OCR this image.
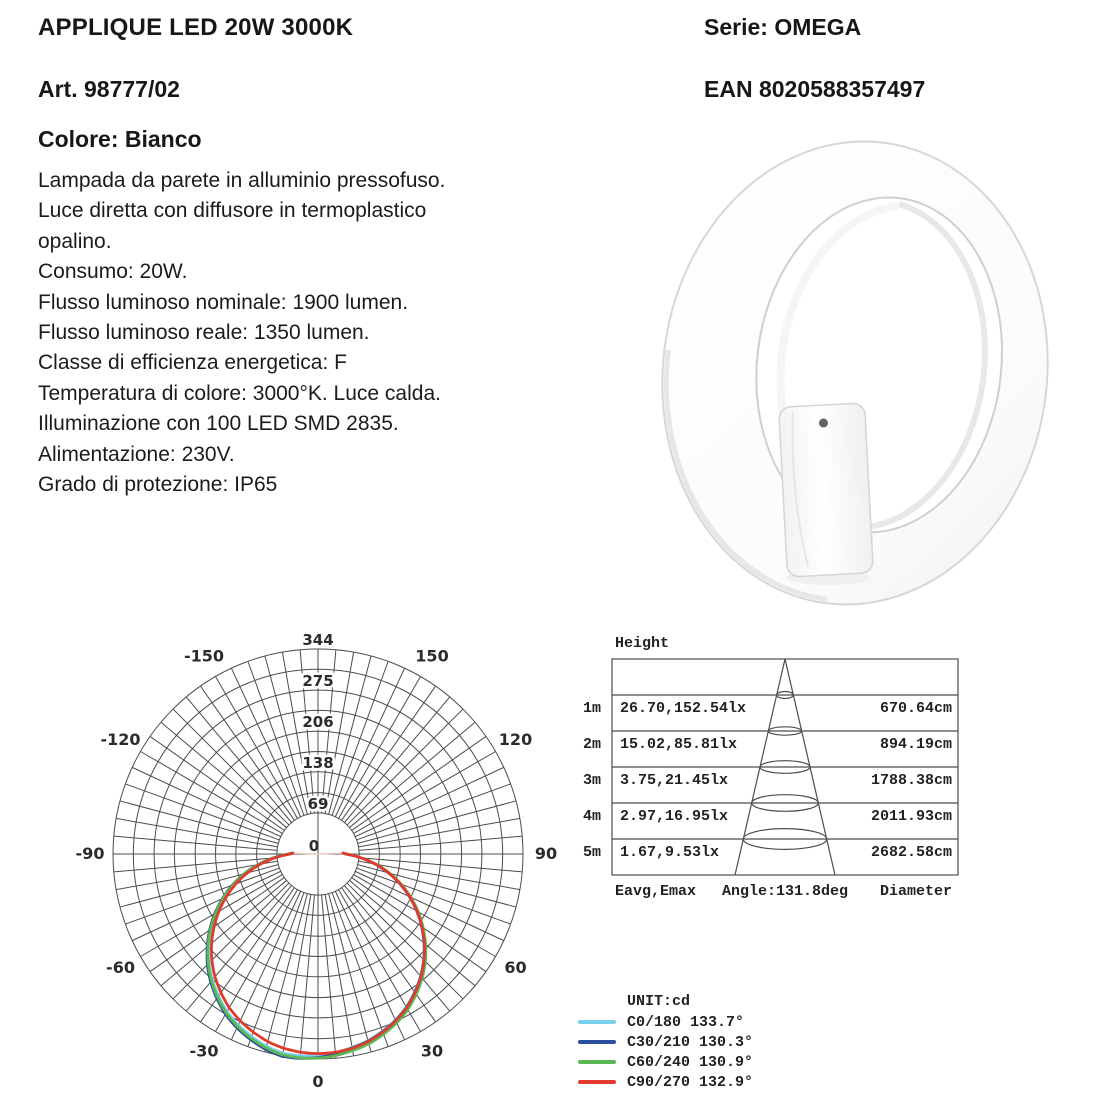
APPLIQUE LED 20W 3000K	Serie: OMEGA
Art. 98777/02	EAN 8020588357497
Colore: Bianco
Lampada da parete in alluminio pressofuso.
Luce diretta con diffusore in termoplastico
opalino.
Consumo: 20W.
Flusso luminoso nominale: 1900 lumen.
Flusso luminoso reale: 1350 lumen.
Classe di efficienza energetica: F
Temperatura di colore: 3000°K. Luce calda.
Illuminazione con 100 LED SMD 2835.
Alimentazione: 230V.
Grado di protezione: IP65
0
69
138
206
275
344
-150
-120
-90
-60
-30
0
30
60
90
120
150
Height
1m 26.70,152.54lx	670.64cm
2m 15.02,85.81lx	894.19cm
3m 3.75,21.45lx	1788.38cm
4m 2.97,16.95lx	2011.93cm
5m 1.67,9.53lx	2682.58cm
Eavg,Emax Angle:131.8deg Diameter
UNIT:cd
C0/180 133.7°
C30/210 130.3°
C60/240 130.9°
C90/270 132.9°
